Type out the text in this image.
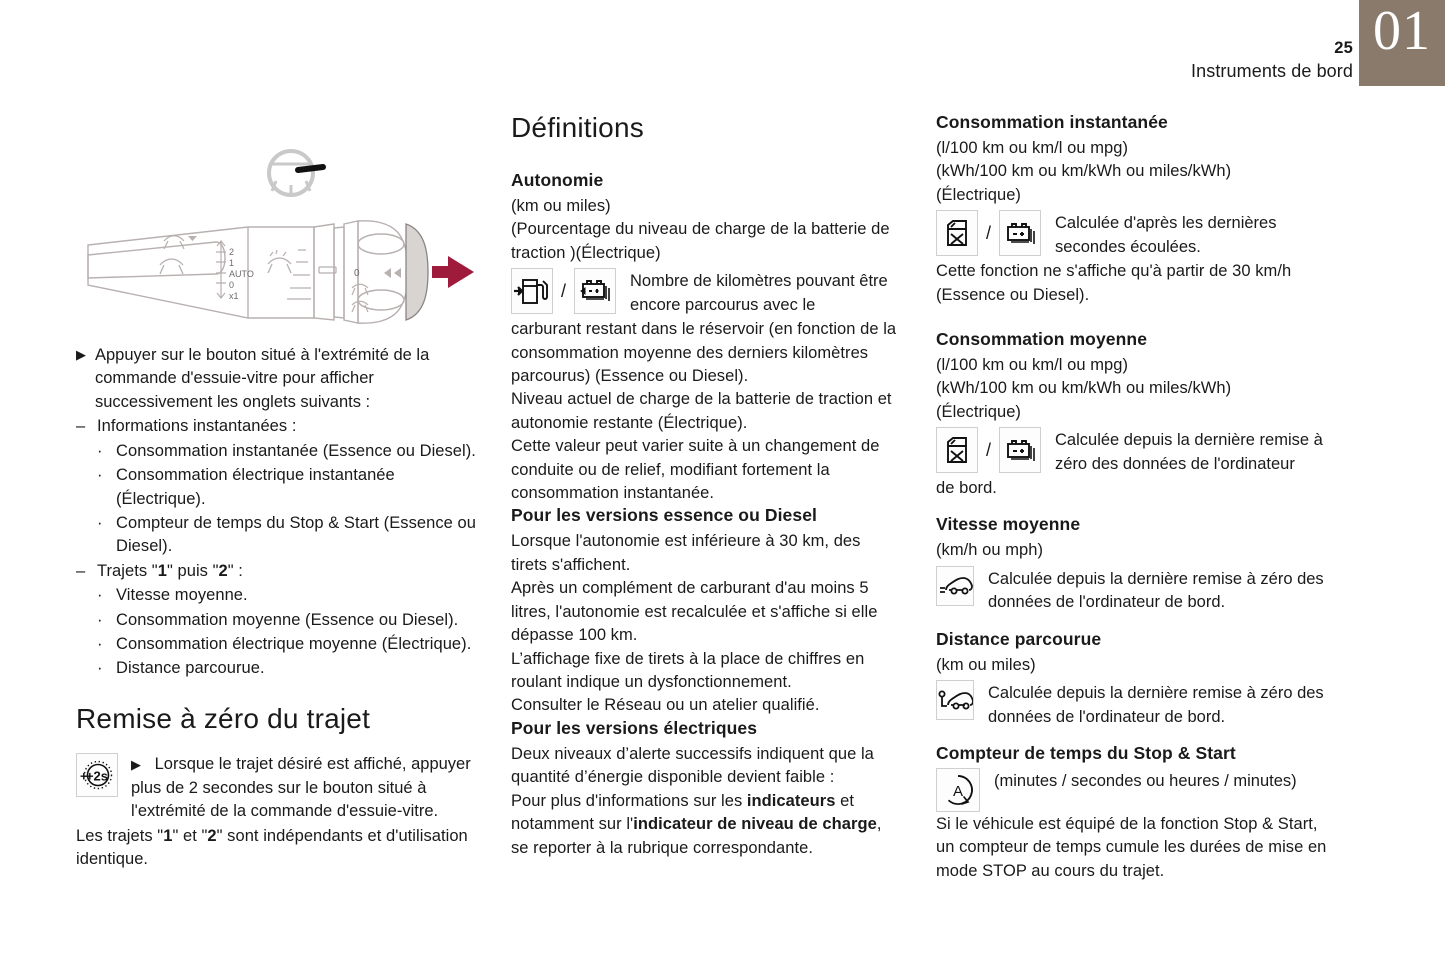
01
25
Instruments de bord
2
1
AUTO
0
x1
0
▶ Appuyer sur le bouton situé à l'extrémité de la commande d'essuie-vitre pour afficher successivement les onglets suivants :
– Informations instantanées :
· Consommation instantanée (Essence ou Diesel).
· Consommation électrique instantanée (Électrique).
· Compteur de temps du Stop & Start (Essence ou Diesel).
– Trajets "1" puis "2" :
· Vitesse moyenne.
· Consommation moyenne (Essence ou Diesel).
· Consommation électrique moyenne (Électrique).
· Distance parcourue.
Remise à zéro du trajet
+2s
+
▶ Lorsque le trajet désiré est affiché, appuyer plus de 2 secondes sur le bouton situé à l'extrémité de la commande d'essuie-vitre.

Les trajets "1" et "2" sont indépendants et d'utilisation identique.

Définitions
Autonomie

(km ou miles)

(Pourcentage du niveau de charge de la batterie de traction )(Électrique)

/	Nombre de kilomètres pouvant être encore parcourus avec le

carburant restant dans le réservoir (en fonction de la consommation moyenne des derniers kilomètres parcourus) (Essence ou Diesel).

Niveau actuel de charge de la batterie de traction et autonomie restante (Électrique).

Cette valeur peut varier suite à un changement de conduite ou de relief, modifiant fortement la consommation instantanée.

Pour les versions essence ou Diesel

Lorsque l'autonomie est inférieure à 30 km, des tirets s'affichent.

Après un complément de carburant d'au moins 5 litres, l'autonomie est recalculée et s'affiche si elle dépasse 100 km.

L’affichage fixe de tirets à la place de chiffres en roulant indique un dysfonctionnement.

Consulter le Réseau ou un atelier qualifié.

Pour les versions électriques

Deux niveaux d’alerte successifs indiquent que la quantité d’énergie disponible devient faible :

Pour plus d'informations sur les indicateurs et notamment sur l'indicateur de niveau de charge, se reporter à la rubrique correspondante.

Consommation instantanée

(l/100 km ou km/l ou mpg)

(kWh/100 km ou km/kWh ou miles/kWh)

(Électrique)

/	Calculée d'après les dernières secondes écoulées.

Cette fonction ne s'affiche qu'à partir de 30 km/h (Essence ou Diesel).

Consommation moyenne

(l/100 km ou km/l ou mpg)

(kWh/100 km ou km/kWh ou miles/kWh)

(Électrique)

/	Calculée depuis la dernière remise à zéro des données de l'ordinateur

de bord.

Vitesse moyenne

(km/h ou mph)

Calculée depuis la dernière remise à zéro des données de l'ordinateur de bord.
Distance parcourue

(km ou miles)

Calculée depuis la dernière remise à zéro des données de l'ordinateur de bord.
Compteur de temps du Stop & Start
A
(minutes / secondes ou heures / minutes)

Si le véhicule est équipé de la fonction Stop & Start, un compteur de temps cumule les durées de mise en mode STOP au cours du trajet.
